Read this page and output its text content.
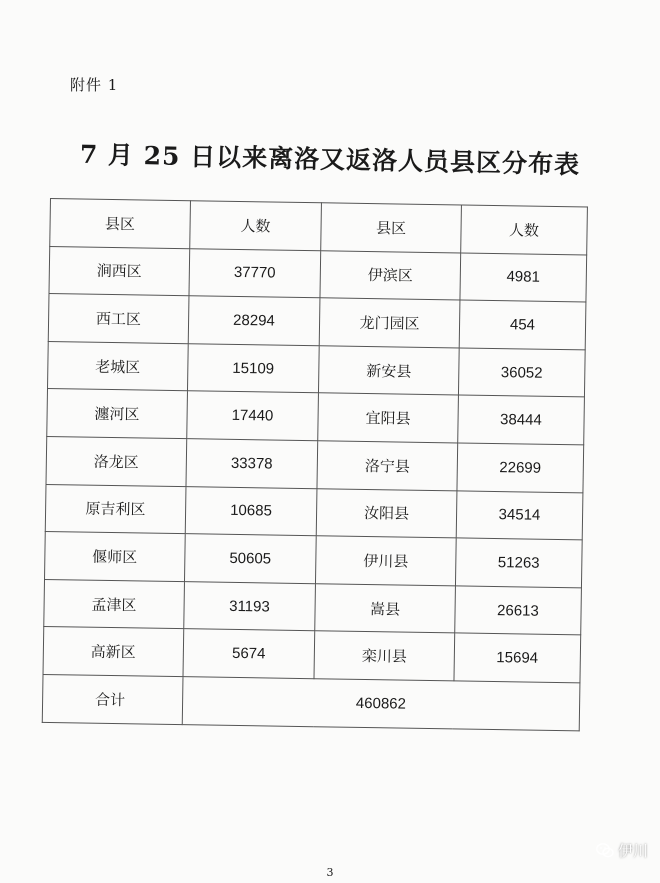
附件 1
7 月 25 日以来离洛又返洛人员县区分布表
县区	人数	县区	人数
涧西区	37770	伊滨区	4981
西工区	28294	龙门园区	454
老城区	15109	新安县	36052
瀍河区	17440	宜阳县	38444
洛龙区	33378	洛宁县	22699
原吉利区	10685	汝阳县	34514
偃师区	50605	伊川县	51263
孟津区	31193	嵩县	26613
高新区	5674	栾川县	15694
合计	460862		
伊川
3
